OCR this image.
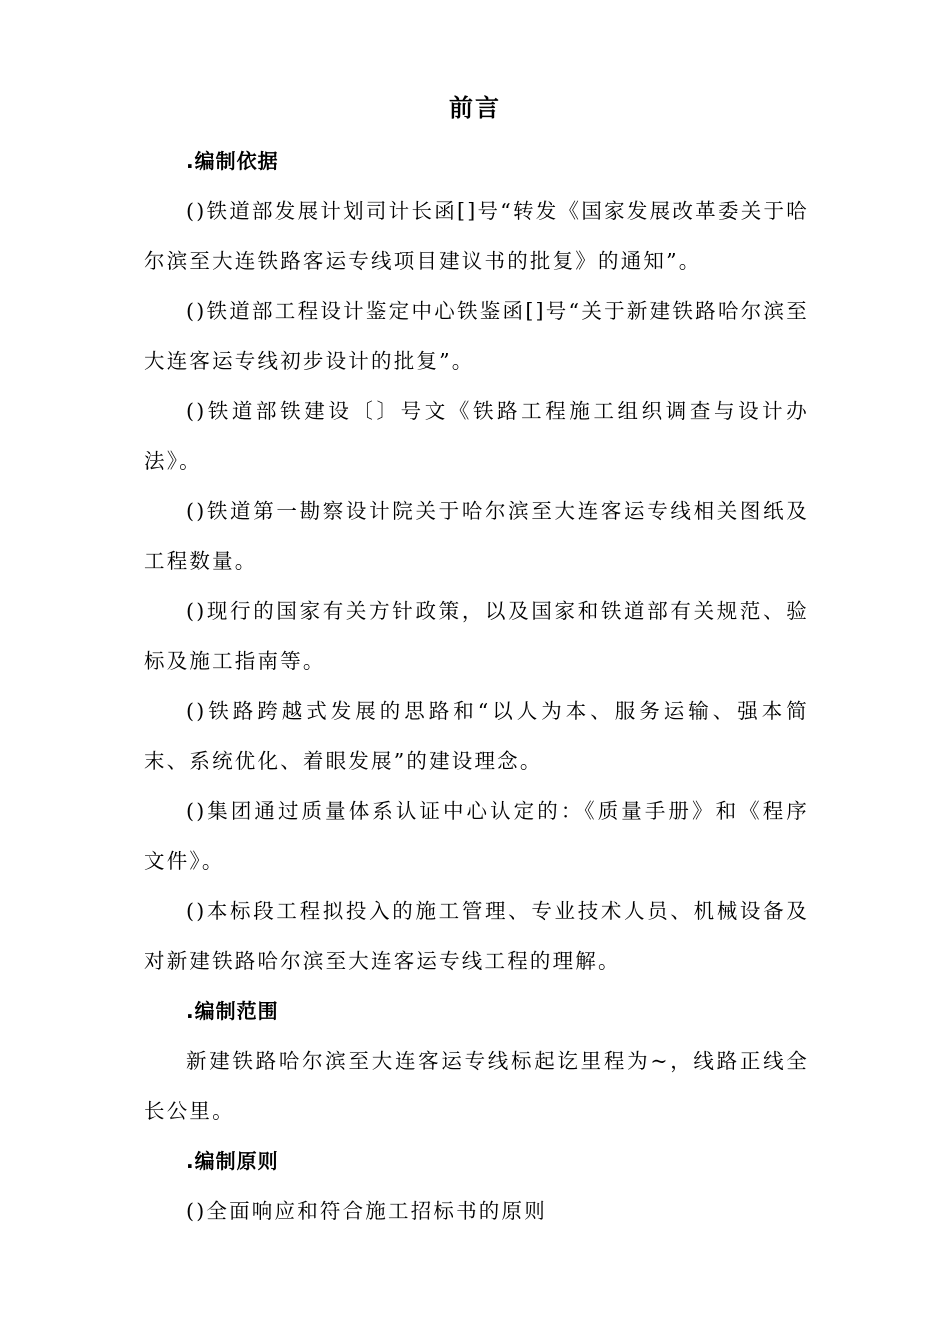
前言
.编制依据

()铁道部发展计划司计长函[]号“转发《国家发展改革委关于哈尔滨至大连铁路客运专线项目建议书的批复》的通知”。

()铁道部工程设计鉴定中心铁鉴函[]号“关于新建铁路哈尔滨至大连客运专线初步设计的批复”。

()铁道部铁建设〔〕号文《铁路工程施工组织调查与设计办法》。

()铁道第一勘察设计院关于哈尔滨至大连客运专线相关图纸及工程数量。

()现行的国家有关方针政策，以及国家和铁道部有关规范、验标及施工指南等。

()铁路跨越式发展的思路和“以人为本、服务运输、强本简末、系统优化、着眼发展”的建设理念。

()集团通过质量体系认证中心认定的：《质量手册》和《程序文件》。

()本标段工程拟投入的施工管理、专业技术人员、机械设备及对新建铁路哈尔滨至大连客运专线工程的理解。

.编制范围

新建铁路哈尔滨至大连客运专线标起讫里程为~，线路正线全长公里。

.编制原则

()全面响应和符合施工招标书的原则
